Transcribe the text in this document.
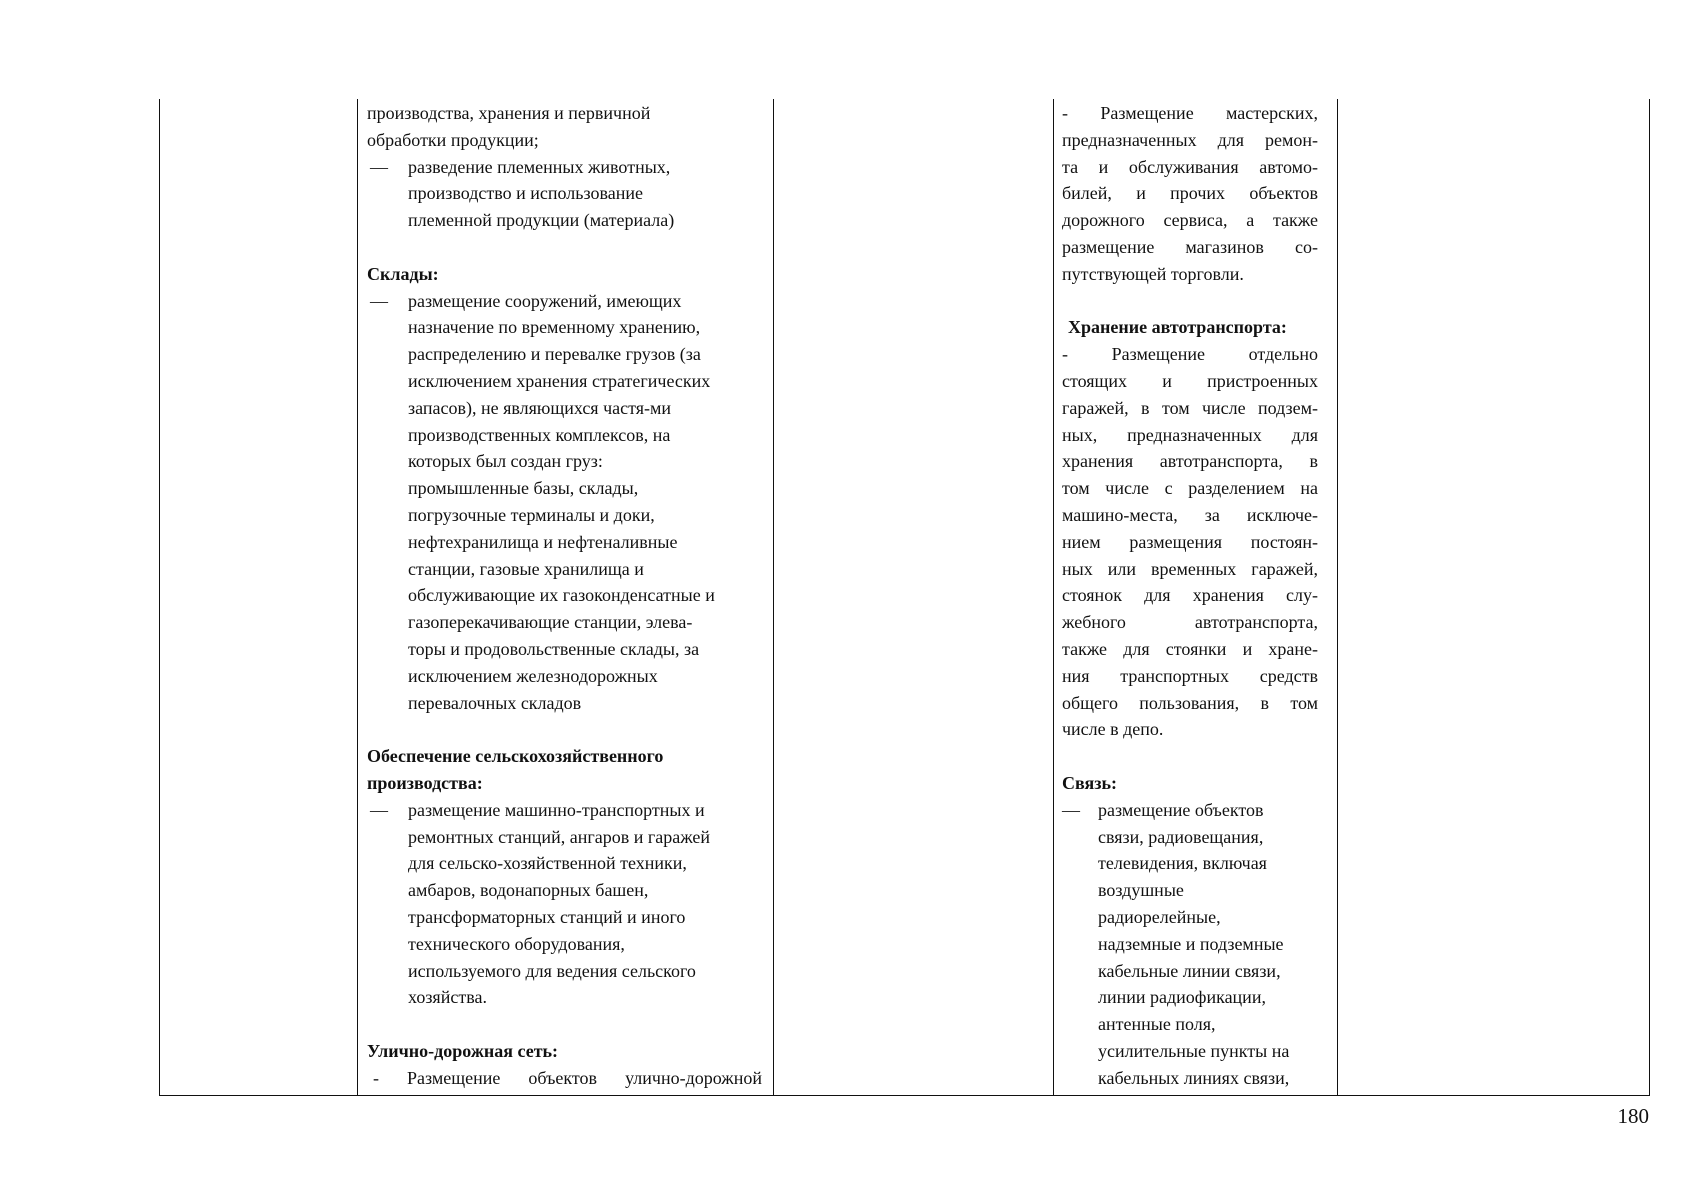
производства, хранения и первичной
обработки продукции;
— разведение племенных животных,
производство и использование
племенной продукции (материала)
Склады:
— размещение сооружений, имеющих
назначение по временному хранению,
распределению и перевалке грузов (за
исключением хранения стратегических
запасов), не являющихся частя-ми
производственных комплексов, на
которых был создан груз:
промышленные базы, склады,
погрузочные терминалы и доки,
нефтехранилища и нефтеналивные
станции, газовые хранилища и
обслуживающие их газоконденсатные и
газоперекачивающие станции, элева-
торы и продовольственные склады, за
исключением железнодорожных
перевалочных складов
Обеспечение сельскохозяйственного
производства:
— размещение машинно-транспортных и
ремонтных станций, ангаров и гаражей
для сельско-хозяйственной техники,
амбаров, водонапорных башен,
трансформаторных станций и иного
технического оборудования,
используемого для ведения сельского
хозяйства.
Улично-дорожная сеть:
- Размещение объектов улично-дорожной
- Размещение мастерских,
предназначенных для ремон-
та и обслуживания автомо-
билей, и прочих объектов
дорожного сервиса, а также
размещение магазинов со-
путствующей торговли.
Хранение автотранспорта:
- Размещение отдельно
стоящих и пристроенных
гаражей, в том числе подзем-
ных, предназначенных для
хранения автотранспорта, в
том числе с разделением на
машино-места, за исключе-
нием размещения постоян-
ных или временных гаражей,
стоянок для хранения слу-
жебного автотранспорта,
также для стоянки и хране-
ния транспортных средств
общего пользования, в том
числе в депо.
Связь:
— размещение объектов
связи, радиовещания,
телевидения, включая
воздушные
радиорелейные,
надземные и подземные
кабельные линии связи,
линии радиофикации,
антенные поля,
усилительные пункты на
кабельных линиях связи,
180
